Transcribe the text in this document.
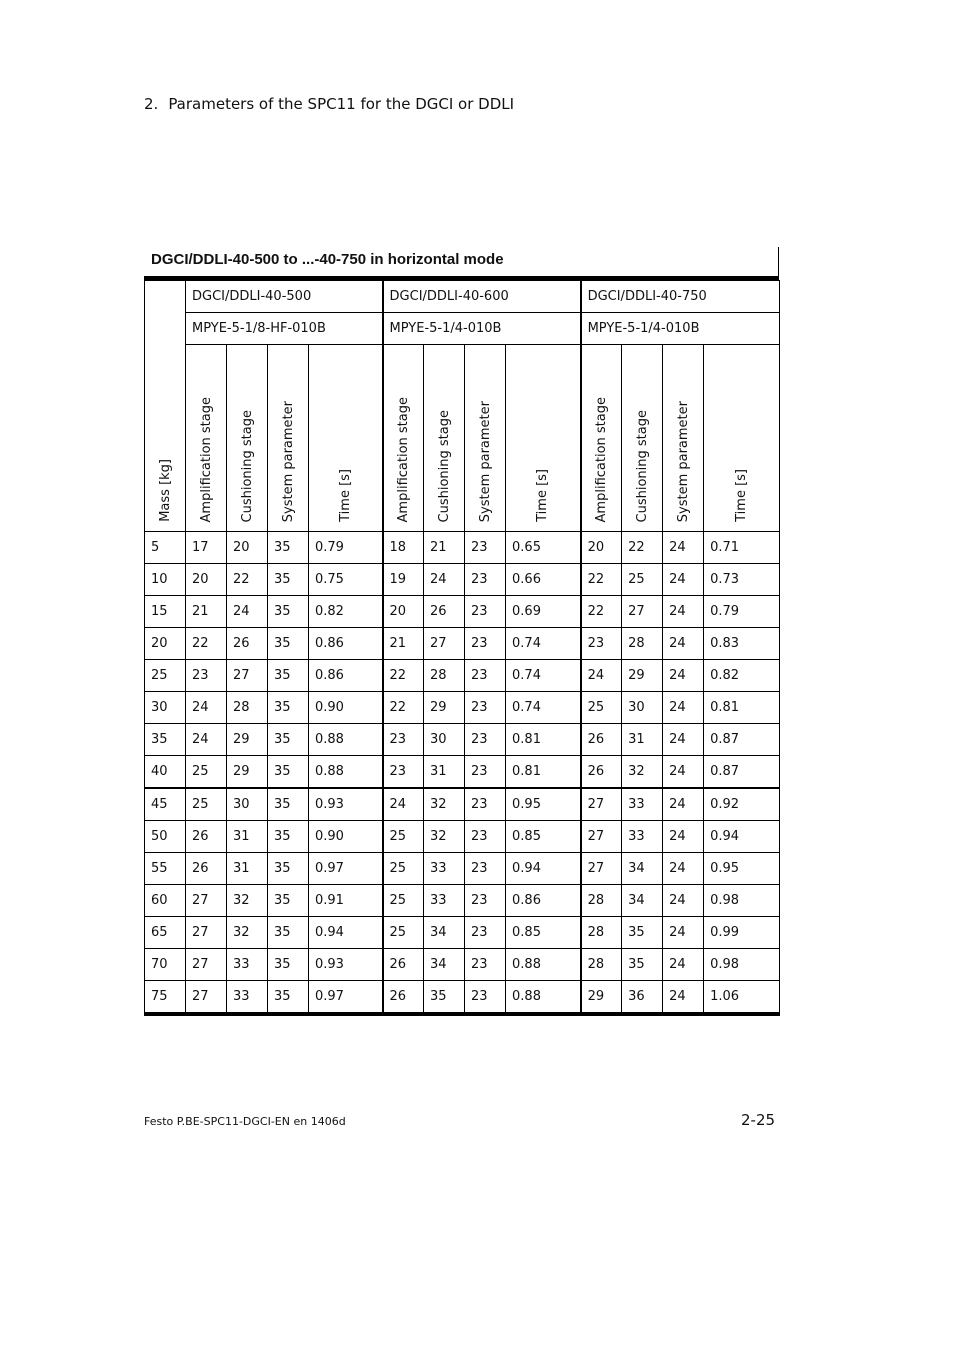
2. Parameters of the SPC11 for the DGCI or DDLI
DGCI/DDLI-40-500 to ...-40-750 in horizontal mode
Mass [kg]	DGCI/DDLI-40-500				DGCI/DDLI-40-600				DGCI/DDLI-40-750			
	MPYE-5-1/8-HF-010B				MPYE-5-1/4-010B				MPYE-5-1/4-010B			

	Amplification stage	Cushioning stage	System parameter	Time [s]	Amplification stage	Cushioning stage	System parameter	Time [s]	Amplification stage	Cushioning stage	System parameter	Time [s]

5	17	20	35	0.79	18	21	23	0.65	20	22	24	0.71
10	20	22	35	0.75	19	24	23	0.66	22	25	24	0.73
15	21	24	35	0.82	20	26	23	0.69	22	27	24	0.79
20	22	26	35	0.86	21	27	23	0.74	23	28	24	0.83
25	23	27	35	0.86	22	28	23	0.74	24	29	24	0.82
30	24	28	35	0.90	22	29	23	0.74	25	30	24	0.81
35	24	29	35	0.88	23	30	23	0.81	26	31	24	0.87
40	25	29	35	0.88	23	31	23	0.81	26	32	24	0.87
45	25	30	35	0.93	24	32	23	0.95	27	33	24	0.92
50	26	31	35	0.90	25	32	23	0.85	27	33	24	0.94
55	26	31	35	0.97	25	33	23	0.94	27	34	24	0.95
60	27	32	35	0.91	25	33	23	0.86	28	34	24	0.98
65	27	32	35	0.94	25	34	23	0.85	28	35	24	0.99
70	27	33	35	0.93	26	34	23	0.88	28	35	24	0.98
75	27	33	35	0.97	26	35	23	0.88	29	36	24	1.06
Festo P.BE-SPC11-DGCI-EN en 1406d	2-25
